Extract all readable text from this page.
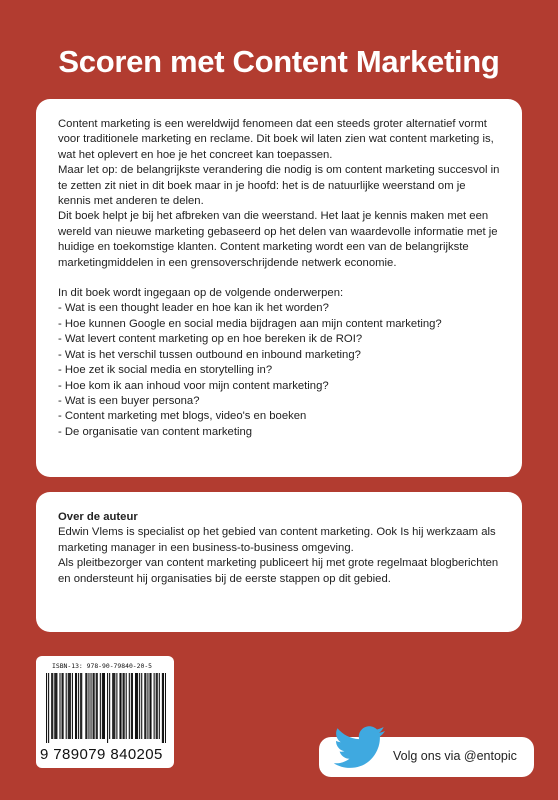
Scoren met Content Marketing

Content marketing is een wereldwijd fenomeen dat een steeds groter alternatief vormt voor traditionele marketing en reclame. Dit boek wil laten zien wat content marketing is, wat het oplevert en hoe je het concreet kan toepassen.

Maar let op: de belangrijkste verandering die nodig is om content marketing succesvol in te zetten zit niet in dit boek maar in je hoofd: het is de natuurlijke weerstand om je kennis met anderen te delen.

Dit boek helpt je bij het afbreken van die weerstand. Het laat je kennis maken met een wereld van nieuwe marketing gebaseerd op het delen van waardevolle informatie met je huidige en toekomstige klanten. Content marketing wordt een van de belangrijkste marketingmiddelen in een grensoverschrijdende netwerk economie.

In dit boek wordt ingegaan op de volgende onderwerpen:

- Wat is een thought leader en hoe kan ik het worden?
- Hoe kunnen Google en social media bijdragen aan mijn content marketing?
- Wat levert content marketing op en hoe bereken ik de ROI?
- Wat is het verschil tussen outbound en inbound marketing?
- Hoe zet ik social media en storytelling in?
- Hoe kom ik aan inhoud voor mijn content marketing?
- Wat is een buyer persona?
- Content marketing met blogs, video's en boeken
- De organisatie van content marketing

Over de auteur

Edwin Vlems is specialist op het gebied van content marketing. Ook Is hij werkzaam als marketing manager in een business-to-business omgeving.

Als pleitbezorger van content marketing publiceert hij met grote regelmaat blogberichten en ondersteunt hij organisaties bij de eerste stappen op dit gebied.

ISBN-13: 978-90-79840-20-5
9 789079 840205	Volg ons via @entopic
